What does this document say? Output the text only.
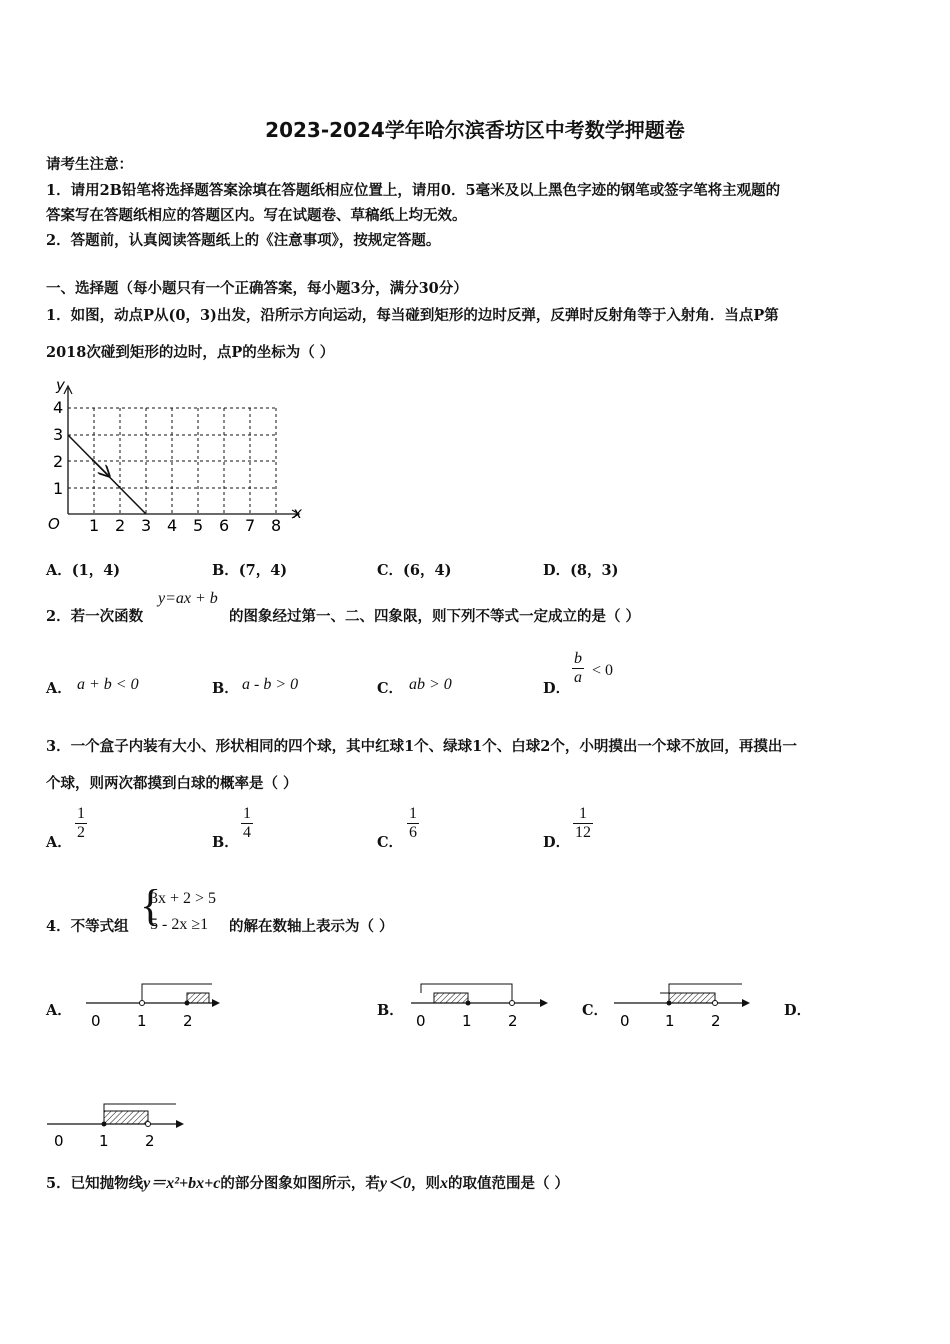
2023-2024学年哈尔滨香坊区中考数学押题卷
请考生注意：
1．请用2B铅笔将选择题答案涂填在答题纸相应位置上，请用0．5毫米及以上黑色字迹的钢笔或签字笔将主观题的
答案写在答题纸相应的答题区内。写在试题卷、草稿纸上均无效。
2．答题前，认真阅读答题纸上的《注意事项》，按规定答题。
一、选择题（每小题只有一个正确答案，每小题3分，满分30分）
1．如图，动点P从(0，3)出发，沿所示方向运动，每当碰到矩形的边时反弹，反弹时反射角等于入射角．当点P第
2018次碰到矩形的边时，点P的坐标为（ ）
y
x
O
4
3
2
1
1 2 3 4 5 6 7 8
A．(1，4)	B．(7，4)	C．(6，4)	D．(8，3)
2．若一次函数
y=ax + b
的图象经过第一、二、四象限，则下列不等式一定成立的是（ ）
A． a + b < 0	B． a - b > 0	C． ab > 0	D．
b
a < 0
3．一个盒子内装有大小、形状相同的四个球，其中红球1个、绿球1个、白球2个，小明摸出一个球不放回，再摸出一
个球，则两次都摸到白球的概率是（ ）
A．
1
2
B．
1
4
C．
1
6
D．
1
12
4．不等式组 {
3x + 2 > 5
5 - 2x ≥1 的解在数轴上表示为（ ）
A．	B．	C．	D．
0 1 2	0 1 2	0 1 2
0 1 2
5．已知抛物线y＝x²+bx+c的部分图象如图所示，若y＜0，则x的取值范围是（ ）
